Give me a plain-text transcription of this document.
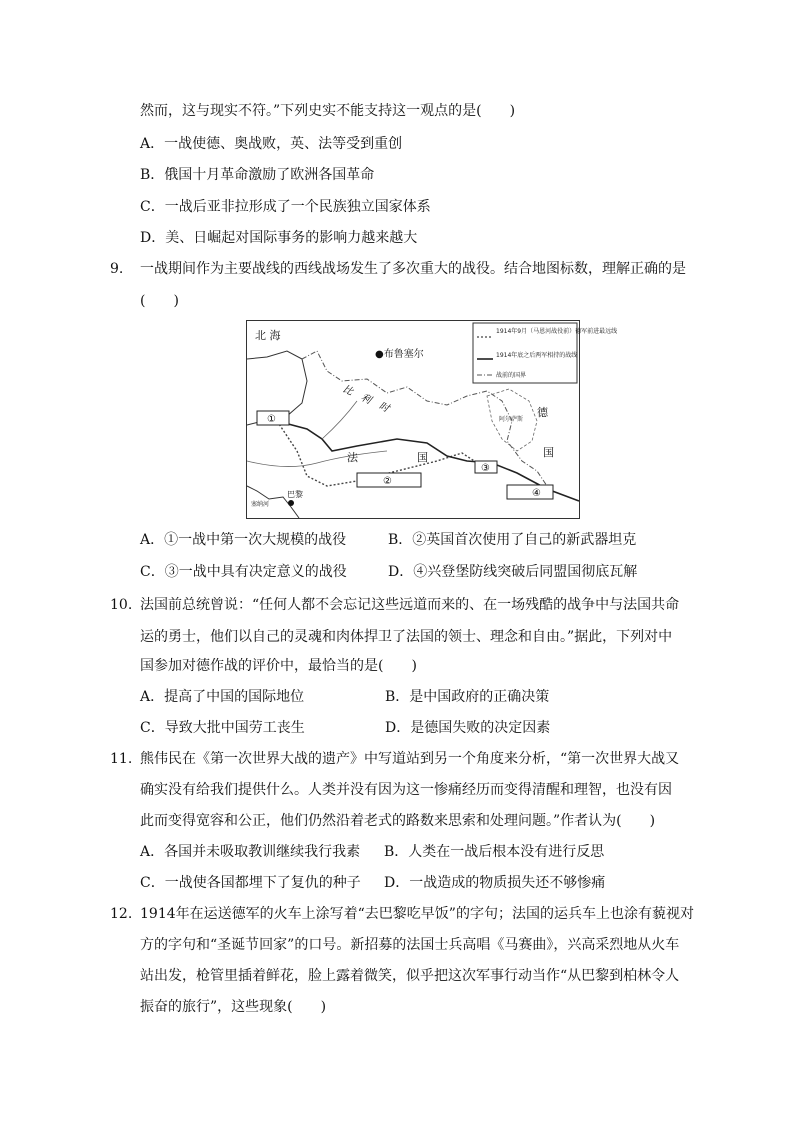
然而，这与现实不符。”下列史实不能支持这一观点的是(　　)
A．一战使德、奥战败，英、法等受到重创
B．俄国十月革命激励了欧洲各国革命
C．一战后亚非拉形成了一个民族独立国家体系
D．美、日崛起对国际事务的影响力越来越大
9. 一战期间作为主要战线的西线战场发生了多次重大的战役。结合地图标数，理解正确的是
(　　)
1914年9月（马恩河战役前）德军前进最远线
1914年底之后两军相持的战线
战前的国界
北 海
●布鲁塞尔
比　利　时
法	国
德
国
阿尔萨斯
巴黎
塞纳河
①
②
③
④
A．①一战中第一次大规模的战役	B．②英国首次使用了自己的新武器坦克
C．③一战中具有决定意义的战役	D．④兴登堡防线突破后同盟国彻底瓦解
10. 法国前总统曾说：“任何人都不会忘记这些远道而来的、在一场残酷的战争中与法国共命
运的勇士，他们以自己的灵魂和肉体捍卫了法国的领士、理念和自由。”据此，下列对中
国参加对德作战的评价中，最恰当的是(　　)
A．提高了中国的国际地位	B．是中国政府的正确决策
C．导致大批中国劳工丧生	D．是德国失败的决定因素
11. 熊伟民在《第一次世界大战的遗产》中写道站到另一个角度来分析，“第一次世界大战又
确实没有给我们提供什么。人类并没有因为这一惨痛经历而变得清醒和理智，也没有因
此而变得宽容和公正，他们仍然沿着老式的路数来思索和处理问题。”作者认为(　　)
A．各国并未吸取教训继续我行我素 B．人类在一战后根本没有进行反思
C．一战使各国都埋下了复仇的种子 D．一战造成的物质损失还不够惨痛
12. 1914年在运送德军的火车上涂写着“去巴黎吃早饭”的字句；法国的运兵车上也涂有藐视对
方的字句和“圣诞节回家”的口号。新招募的法国士兵高唱《马赛曲》，兴高采烈地从火车
站出发，枪管里插着鲜花，脸上露着微笑，似乎把这次军事行动当作“从巴黎到柏林令人
振奋的旅行”，这些现象(　　)
